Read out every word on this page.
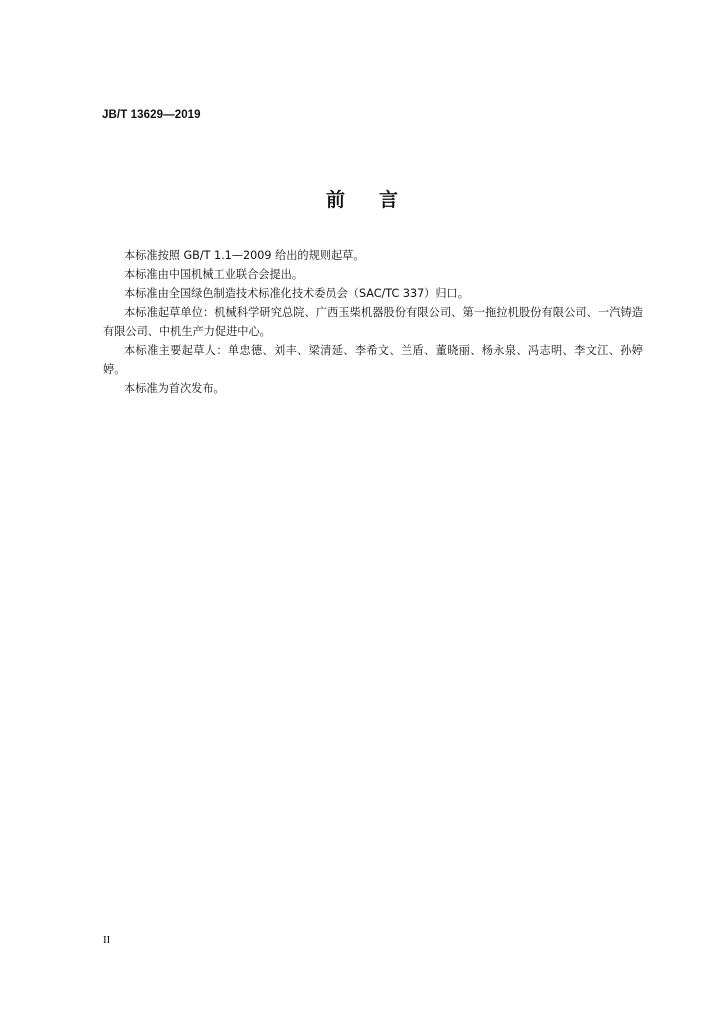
JB/T 13629—2019
前言

本标准按照 GB/T 1.1—2009 给出的规则起草。

本标准由中国机械工业联合会提出。

本标准由全国绿色制造技术标准化技术委员会（SAC/TC 337）归口。

本标准起草单位：机械科学研究总院、广西玉柴机器股份有限公司、第一拖拉机股份有限公司、一汽铸造有限公司、中机生产力促进中心。

本标准主要起草人：单忠德、刘丰、梁清延、李希文、兰盾、董晓丽、杨永泉、冯志明、李文江、孙婷婷。

本标准为首次发布。

II
